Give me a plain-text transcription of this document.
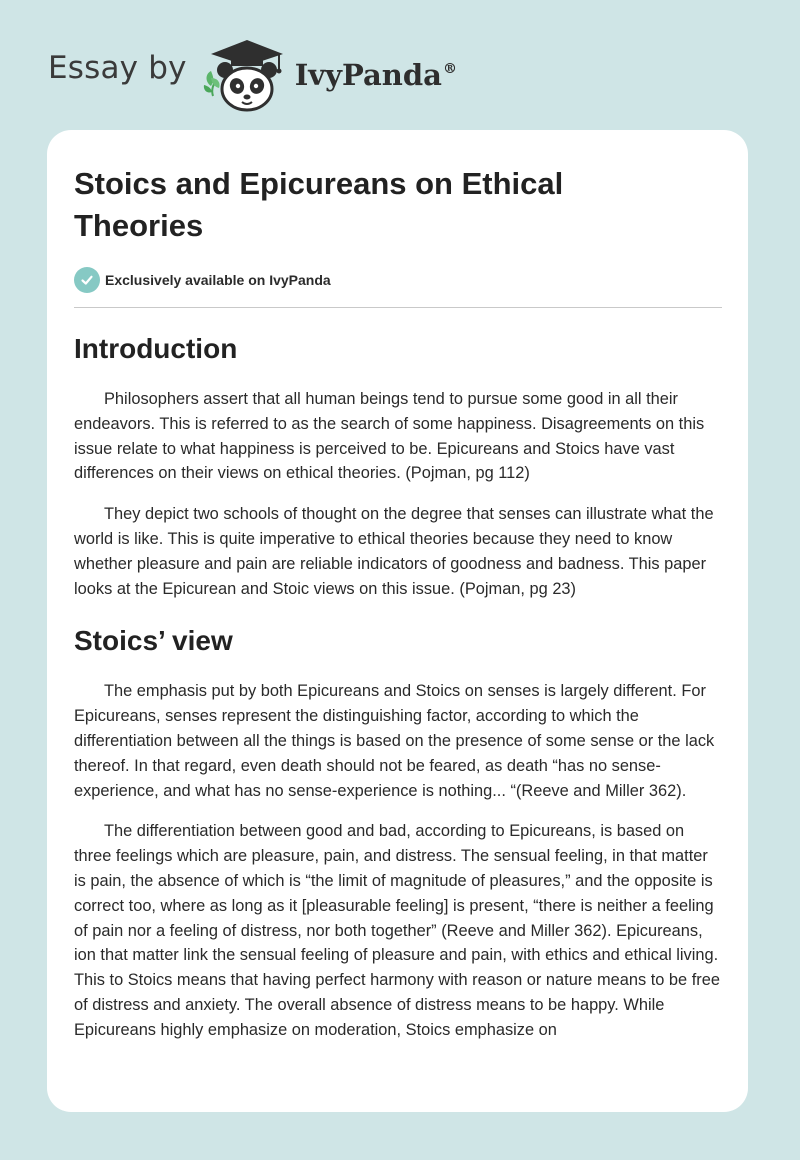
Essay by	IvyPanda®
Stoics and Epicureans on Ethical Theories
Exclusively available on IvyPanda
Introduction

Philosophers assert that all human beings tend to pursue some good in all their endeavors. This is referred to as the search of some happiness. Disagreements on this issue relate to what happiness is perceived to be. Epicureans and Stoics have vast differences on their views on ethical theories. (Pojman, pg 112)

They depict two schools of thought on the degree that senses can illustrate what the world is like. This is quite imperative to ethical theories because they need to know whether pleasure and pain are reliable indicators of goodness and badness. This paper looks at the Epicurean and Stoic views on this issue. (Pojman, pg 23)

Stoics’ view

The emphasis put by both Epicureans and Stoics on senses is largely different. For Epicureans, senses represent the distinguishing factor, according to which the differentiation between all the things is based on the presence of some sense or the lack thereof. In that regard, even death should not be feared, as death “has no sense-experience, and what has no sense-experience is nothing... “(Reeve and Miller 362).

The differentiation between good and bad, according to Epicureans, is based on three feelings which are pleasure, pain, and distress. The sensual feeling, in that matter is pain, the absence of which is “the limit of magnitude of pleasures,” and the opposite is correct too, where as long as it [pleasurable feeling] is present, “there is neither a feeling of pain nor a feeling of distress, nor both together” (Reeve and Miller 362). Epicureans, ion that matter link the sensual feeling of pleasure and pain, with ethics and ethical living. This to Stoics means that having perfect harmony with reason or nature means to be free of distress and anxiety. The overall absence of distress means to be happy. While Epicureans highly emphasize on moderation, Stoics emphasize on
